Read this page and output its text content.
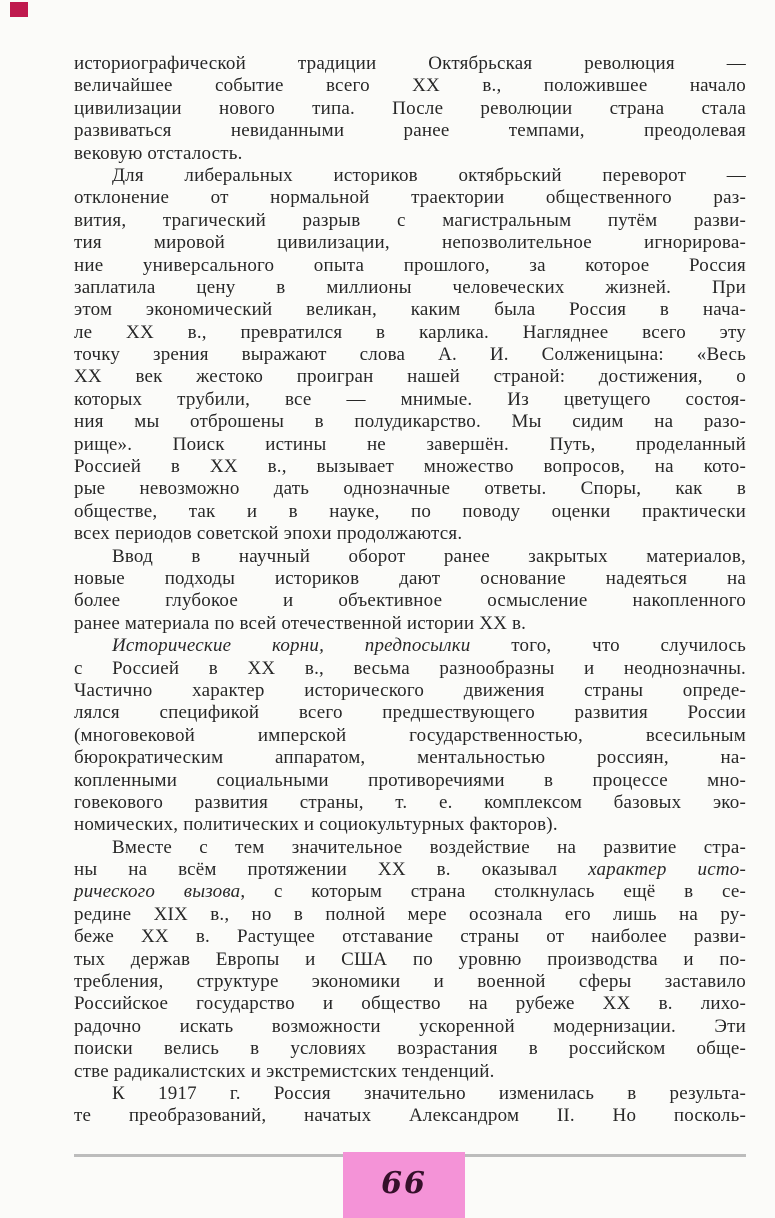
историографической традиции Октябрьская революция —
величайшее событие всего XX в., положившее начало
цивилизации нового типа. После революции страна стала
развиваться невиданными ранее темпами, преодолевая
вековую отсталость.
Для либеральных историков октябрьский переворот —
отклонение от нормальной траектории общественного раз-
вития, трагический разрыв с магистральным путём разви-
тия мировой цивилизации, непозволительное игнорирова-
ние универсального опыта прошлого, за которое Россия
заплатила цену в миллионы человеческих жизней. При
этом экономический великан, каким была Россия в нача-
ле XX в., превратился в карлика. Нагляднее всего эту
точку зрения выражают слова А. И. Солженицына: «Весь
XX век жестоко проигран нашей страной: достижения, о
которых трубили, все — мнимые. Из цветущего состоя-
ния мы отброшены в полудикарство. Мы сидим на разо-
рище». Поиск истины не завершён. Путь, проделанный
Россией в XX в., вызывает множество вопросов, на кото-
рые невозможно дать однозначные ответы. Споры, как в
обществе, так и в науке, по поводу оценки практически
всех периодов советской эпохи продолжаются.
Ввод в научный оборот ранее закрытых материалов,
новые подходы историков дают основание надеяться на
более глубокое и объективное осмысление накопленного
ранее материала по всей отечественной истории XX в.
Исторические корни, предпосылки того, что случилось
с Россией в XX в., весьма разнообразны и неоднозначны.
Частично характер исторического движения страны опреде-
лялся спецификой всего предшествующего развития России
(многовековой имперской государственностью, всесильным
бюрократическим аппаратом, ментальностью россиян, на-
копленными социальными противоречиями в процессе мно-
говекового развития страны, т. е. комплексом базовых эко-
номических, политических и социокультурных факторов).
Вместе с тем значительное воздействие на развитие стра-
ны на всём протяжении XX в. оказывал характер исто-
рического вызова, с которым страна столкнулась ещё в се-
редине XIX в., но в полной мере осознала его лишь на ру-
беже XX в. Растущее отставание страны от наиболее разви-
тых держав Европы и США по уровню производства и по-
требления, структуре экономики и военной сферы заставило
Российское государство и общество на рубеже XX в. лихо-
радочно искать возможности ускоренной модернизации. Эти
поиски велись в условиях возрастания в российском обще-
стве радикалистских и экстремистских тенденций.
К 1917 г. Россия значительно изменилась в результа-
те преобразований, начатых Александром II. Но посколь-
66
